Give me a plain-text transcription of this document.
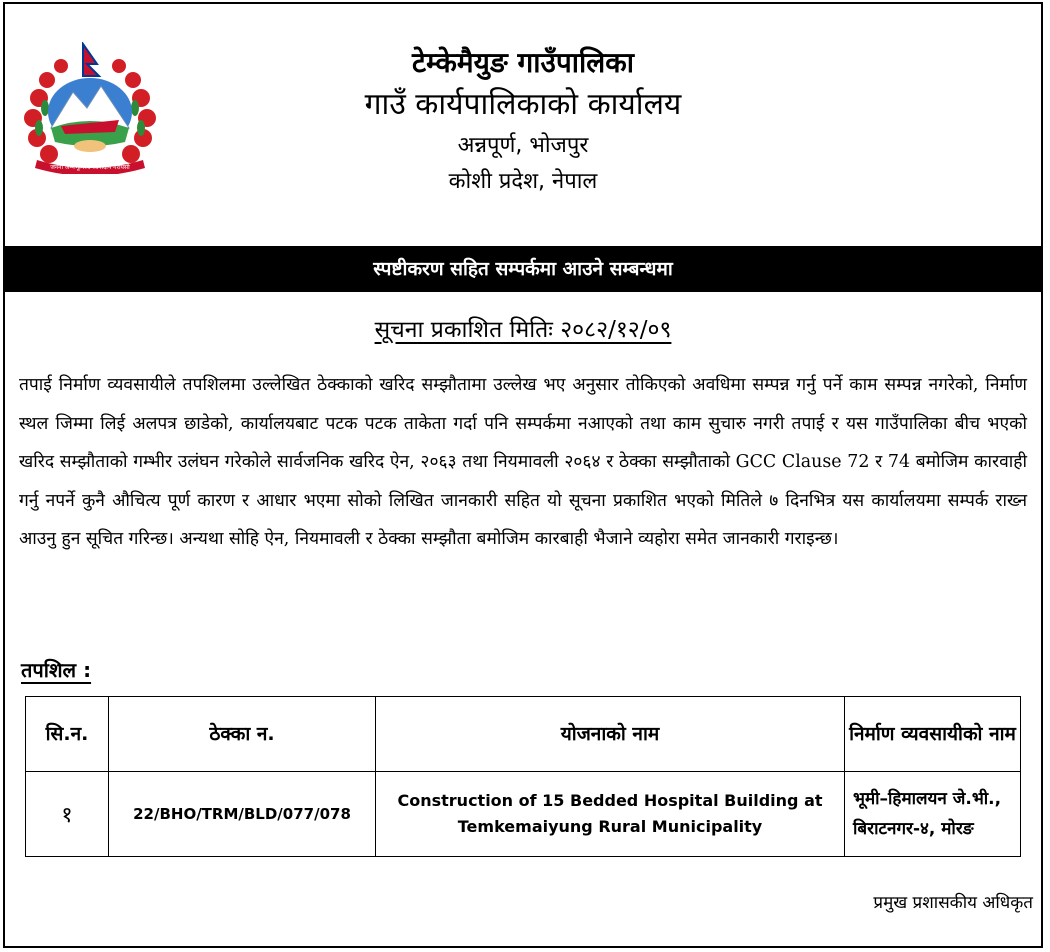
जननी जन्मभूमिश्च स्वर्गादपि गरीयसी
टेम्केमैयुङ गाउँपालिका
गाउँ कार्यपालिकाको कार्यालय
अन्नपूर्ण, भोजपुर
कोशी प्रदेश, नेपाल
स्पष्टीकरण सहित सम्पर्कमा आउने सम्बन्धमा
सूचना प्रकाशित मितिः २०८२/१२/०९
तपाई निर्माण व्यवसायीले तपशिलमा उल्लेखित ठेक्काको खरिद सम्झौतामा उल्लेख भए अनुसार तोकिएको अवधिमा सम्पन्न गर्नु पर्ने काम सम्पन्न नगरेको, निर्माण स्थल जिम्मा लिई अलपत्र छाडेको, कार्यालयबाट पटक पटक ताकेता गर्दा पनि सम्पर्कमा नआएको तथा काम सुचारु नगरी तपाई र यस गाउँपालिका बीच भएको खरिद सम्झौताको गम्भीर उलंघन गरेकोले सार्वजनिक खरिद ऐन, २०६३ तथा नियमावली २०६४ र ठेक्का सम्झौताको GCC Clause 72 र 74 बमोजिम कारवाही गर्नु नपर्ने कुनै औचित्य पूर्ण कारण र आधार भएमा सोको लिखित जानकारी सहित यो सूचना प्रकाशित भएको मितिले ७ दिनभित्र यस कार्यालयमा सम्पर्क राख्न आउनु हुन सूचित गरिन्छ। अन्यथा सोहि ऐन, नियमावली र ठेक्का सम्झौता बमोजिम कारबाही भैजाने व्यहोरा समेत जानकारी गराइन्छ।
तपशिल :
सि.न.	ठेक्का न.	योजनाको नाम	निर्माण व्यवसायीको नाम
१	22/BHO/TRM/BLD/077/078	Construction of 15 Bedded Hospital Building at Temkemaiyung Rural Municipality	भूमी–हिमालयन जे.भी.,
बिराटनगर-४, मोरङ
प्रमुख प्रशासकीय अधिकृत
